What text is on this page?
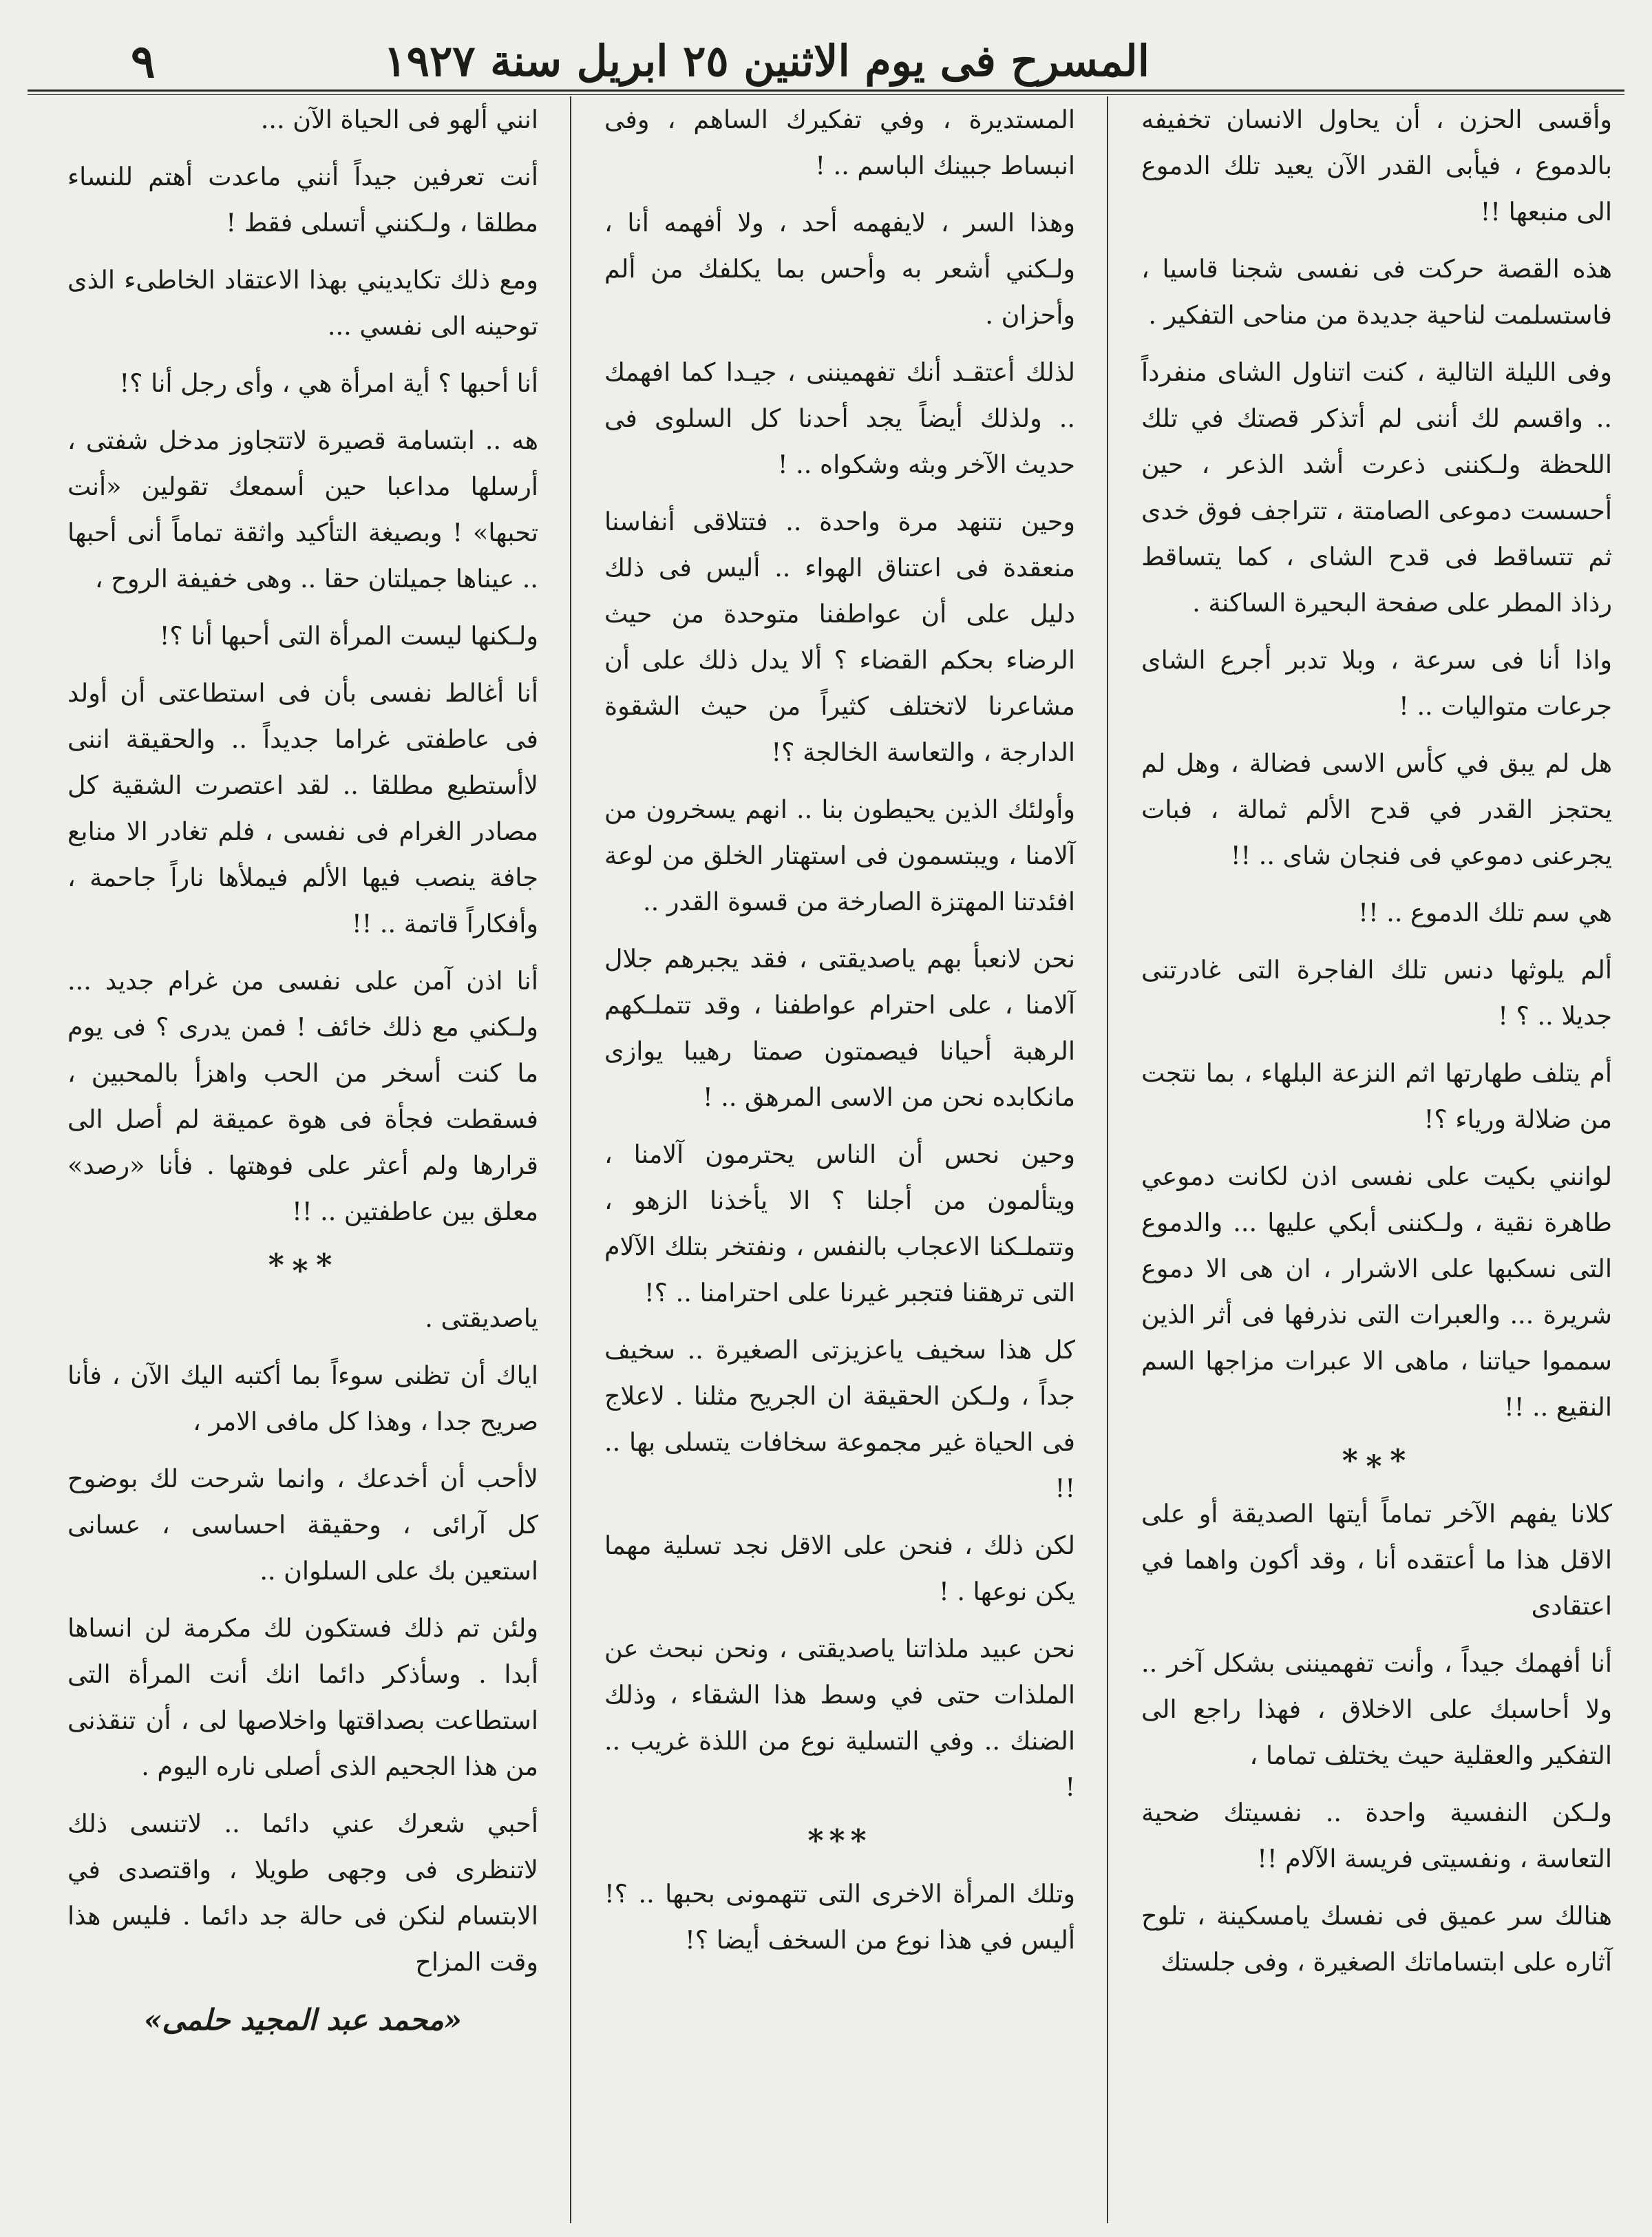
المسرح فى يوم الاثنين ٢٥ ابريل سنة ١٩٢٧
٩

وأقسى الحزن ، أن يحاول الانسان تخفيفه بالدموع ، فيأبى القدر الآن يعيد تلك الدموع الى منبعها !!

هذه القصة حركت فى نفسى شجنا قاسيا ، فاستسلمت لناحية جديدة من مناحى التفكير .

وفى الليلة التالية ، كنت اتناول الشاى منفرداً .. واقسم لك أننى لم أتذكر قصتك في تلك اللحظة ولـكننى ذعرت أشد الذعر ، حين أحسست دموعى الصامتة ، تتراجف فوق خدى ثم تتساقط فى قدح الشاى ، كما يتساقط رذاذ المطر على صفحة البحيرة الساكنة .

واذا أنا فى سرعة ، وبلا تدبر أجرع الشاى جرعات متواليات .. !

هل لم يبق في كأس الاسى فضالة ، وهل لم يحتجز القدر في قدح الألم ثمالة ، فبات يجرعنى دموعي فى فنجان شاى .. !!

هي سم تلك الدموع .. !!

ألم يلوثها دنس تلك الفاجرة التى غادرتنى جديلا .. ؟ !

أم يتلف طهارتها اثم النزعة البلهاء ، بما نتجت من ضلالة ورياء ؟!

لوانني بكيت على نفسى اذن لكانت دموعي طاهرة نقية ، ولـكننى أبكي عليها ... والدموع التى نسكبها على الاشرار ، ان هى الا دموع شريرة ... والعبرات التى نذرفها فى أثر الذين سمموا حياتنا ، ماهى الا عبرات مزاجها السم النقيع .. !!

*∗*

كلانا يفهم الآخر تماماً أيتها الصديقة أو على الاقل هذا ما أعتقده أنا ، وقد أكون واهما في اعتقادى

أنا أفهمك جيداً ، وأنت تفهميننى بشكل آخر .. ولا أحاسبك على الاخلاق ، فهذا راجع الى التفكير والعقلية حيث يختلف تماما ،

ولـكن النفسية واحدة .. نفسيتك ضحية التعاسة ، ونفسيتى فريسة الآلام !!

هنالك سر عميق فى نفسك يامسكينة ، تلوح آثاره على ابتساماتك الصغيرة ، وفى جلستك

المستديرة ، وفي تفكيرك الساهم ، وفى انبساط جبينك الباسم .. !

وهذا السر ، لايفهمه أحد ، ولا أفهمه أنا ، ولـكني أشعر به وأحس بما يكلفك من ألم وأحزان .

لذلك أعتقـد أنك تفهميننى ، جيـدا كما افهمك .. ولذلك أيضاً يجد أحدنا كل السلوى فى حديث الآخر وبثه وشكواه .. !

وحين نتنهد مرة واحدة .. فتتلاقى أنفاسنا منعقدة فى اعتناق الهواء .. أليس فى ذلك دليل على أن عواطفنا متوحدة من حيث الرضاء بحكم القضاء ؟ ألا يدل ذلك على أن مشاعرنا لاتختلف كثيراً من حيث الشقوة الدارجة ، والتعاسة الخالجة ؟!

وأولئك الذين يحيطون بنا .. انهم يسخرون من آلامنا ، ويبتسمون فى استهتار الخلق من لوعة افئدتنا المهتزة الصارخة من قسوة القدر ..

نحن لانعبأ بهم ياصديقتى ، فقد يجبرهم جلال آلامنا ، على احترام عواطفنا ، وقد تتملـكهم الرهبة أحيانا فيصمتون صمتا رهيبا يوازى مانكابده نحن من الاسى المرهق .. !

وحين نحس أن الناس يحترمون آلامنا ، ويتألمون من أجلنا ؟ الا يأخذنا الزهو ، وتتملـكنا الاعجاب بالنفس ، ونفتخر بتلك الآلام التى ترهقنا فتجبر غيرنا على احترامنا .. ؟!

كل هذا سخيف ياعزيزتى الصغيرة .. سخيف جداً ، ولـكن الحقيقة ان الجريح مثلنا . لاعلاج فى الحياة غير مجموعة سخافات يتسلى بها .. !!

لكن ذلك ، فنحن على الاقل نجد تسلية مهما يكن نوعها . !

نحن عبيد ملذاتنا ياصديقتى ، ونحن نبحث عن الملذات حتى في وسط هذا الشقاء ، وذلك الضنك .. وفي التسلية نوع من اللذة غريب .. !

***

وتلك المرأة الاخرى التى تتهمونى بحبها .. ؟! أليس في هذا نوع من السخف أيضا ؟!

انني ألهو فى الحياة الآن ...

أنت تعرفين جيداً أنني ماعدت أهتم للنساء مطلقا ، ولـكنني أتسلى فقط !

ومع ذلك تكايديني بهذا الاعتقاد الخاطىء الذى توحينه الى نفسي ...

أنا أحبها ؟ أية امرأة هي ، وأى رجل أنا ؟!

هه .. ابتسامة قصيرة لاتتجاوز مدخل شفتى ، أرسلها مداعبا حين أسمعك تقولين «أنت تحبها» ! وبصيغة التأكيد واثقة تماماً أنى أحبها .. عيناها جميلتان حقا .. وهى خفيفة الروح ،

ولـكنها ليست المرأة التى أحبها أنا ؟!

أنا أغالط نفسى بأن فى استطاعتى أن أولد فى عاطفتى غراما جديداً .. والحقيقة اننى لاأستطيع مطلقا .. لقد اعتصرت الشقية كل مصادر الغرام فى نفسى ، فلم تغادر الا منابع جافة ينصب فيها الألم فيملأها ناراً جاحمة ، وأفكاراً قاتمة .. !!

أنا اذن آمن على نفسى من غرام جديد ... ولـكني مع ذلك خائف ! فمن يدرى ؟ فى يوم ما كنت أسخر من الحب واهزأ بالمحبين ، فسقطت فجأة فى هوة عميقة لم أصل الى قرارها ولم أعثر على فوهتها . فأنا «رصد» معلق بين عاطفتين .. !!

*∗*

ياصديقتى .

اياك أن تظنى سوءاً بما أكتبه اليك الآن ، فأنا صريح جدا ، وهذا كل مافى الامر ،

لاأحب أن أخدعك ، وانما شرحت لك بوضوح كل آرائى ، وحقيقة احساسى ، عسانى استعين بك على السلوان ..

ولئن تم ذلك فستكون لك مكرمة لن انساها أبدا . وسأذكر دائما انك أنت المرأة التى استطاعت بصداقتها واخلاصها لى ، أن تنقذنى من هذا الجحيم الذى أصلى ناره اليوم .

أحبي شعرك عني دائما .. لاتنسى ذلك لاتنظرى فى وجهى طويلا ، واقتصدى في الابتسام لنكن فى حالة جد دائما . فليس هذا وقت المزاح

«محمد عبد المجيد حلمى»
